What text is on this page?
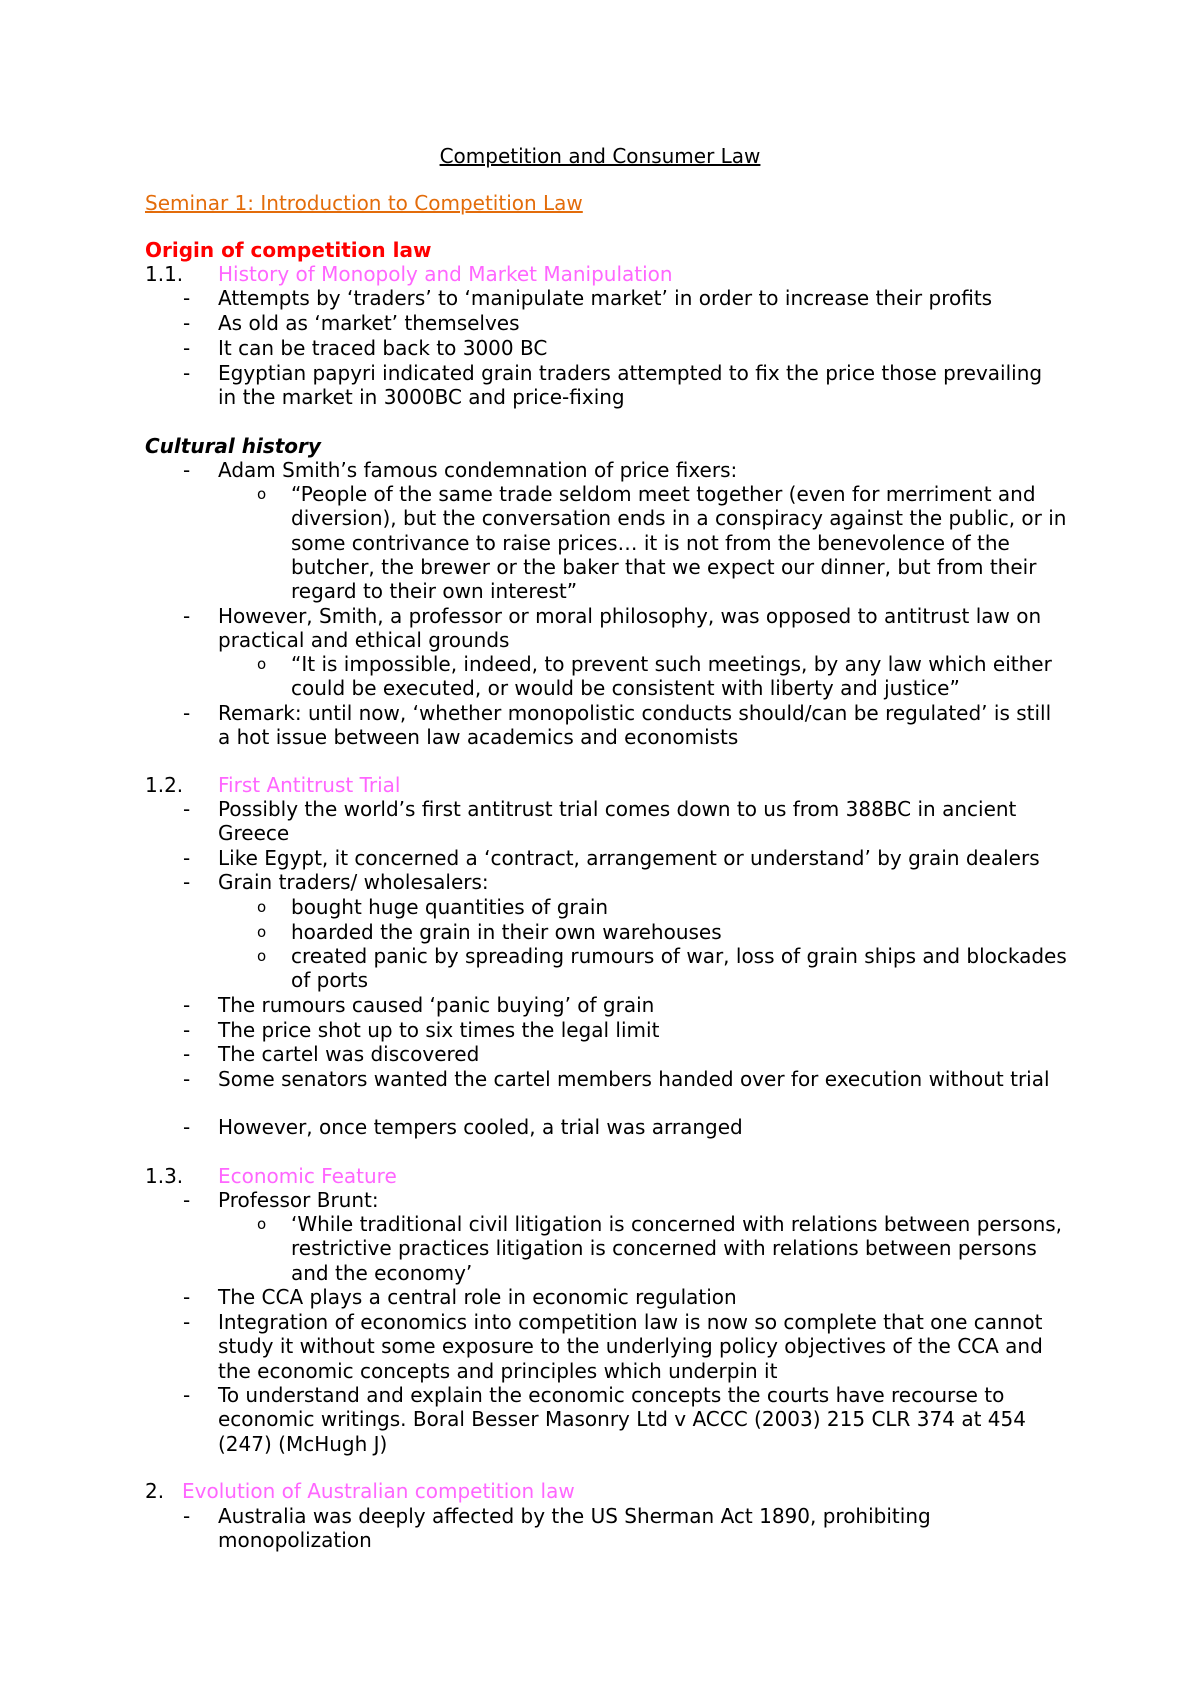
Competition and Consumer Law
Seminar 1: Introduction to Competition Law
Origin of competition law
1.1. History of Monopoly and Market Manipulation
- Attempts by ‘traders’ to ‘manipulate market’ in order to increase their profits
- As old as ‘market’ themselves
- It can be traced back to 3000 BC
- Egyptian papyri indicated grain traders attempted to fix the price those prevailing in the market in 3000BC and price-fixing
Cultural history
- Adam Smith’s famous condemnation of price fixers:
o “People of the same trade seldom meet together (even for merriment and diversion), but the conversation ends in a conspiracy against the public, or in some contrivance to raise prices… it is not from the benevolence of the butcher, the brewer or the baker that we expect our dinner, but from their regard to their own interest”
- However, Smith, a professor or moral philosophy, was opposed to antitrust law on practical and ethical grounds
o “It is impossible, indeed, to prevent such meetings, by any law which either could be executed, or would be consistent with liberty and justice”
- Remark: until now, ‘whether monopolistic conducts should/can be regulated’ is still a hot issue between law academics and economists
1.2. First Antitrust Trial
- Possibly the world’s first antitrust trial comes down to us from 388BC in ancient Greece
- Like Egypt, it concerned a ‘contract, arrangement or understand’ by grain dealers
- Grain traders/ wholesalers:
o bought huge quantities of grain
o hoarded the grain in their own warehouses
o created panic by spreading rumours of war, loss of grain ships and blockades of ports
- The rumours caused ‘panic buying’ of grain
- The price shot up to six times the legal limit
- The cartel was discovered
- Some senators wanted the cartel members handed over for execution without trial
- However, once tempers cooled, a trial was arranged
1.3. Economic Feature
- Professor Brunt:
o ‘While traditional civil litigation is concerned with relations between persons, restrictive practices litigation is concerned with relations between persons and the economy’
- The CCA plays a central role in economic regulation
- Integration of economics into competition law is now so complete that one cannot study it without some exposure to the underlying policy objectives of the CCA and the economic concepts and principles which underpin it
- To understand and explain the economic concepts the courts have recourse to economic writings. Boral Besser Masonry Ltd v ACCC (2003) 215 CLR 374 at 454 (247) (McHugh J)
2. Evolution of Australian competition law
- Australia was deeply affected by the US Sherman Act 1890, prohibiting monopolization
